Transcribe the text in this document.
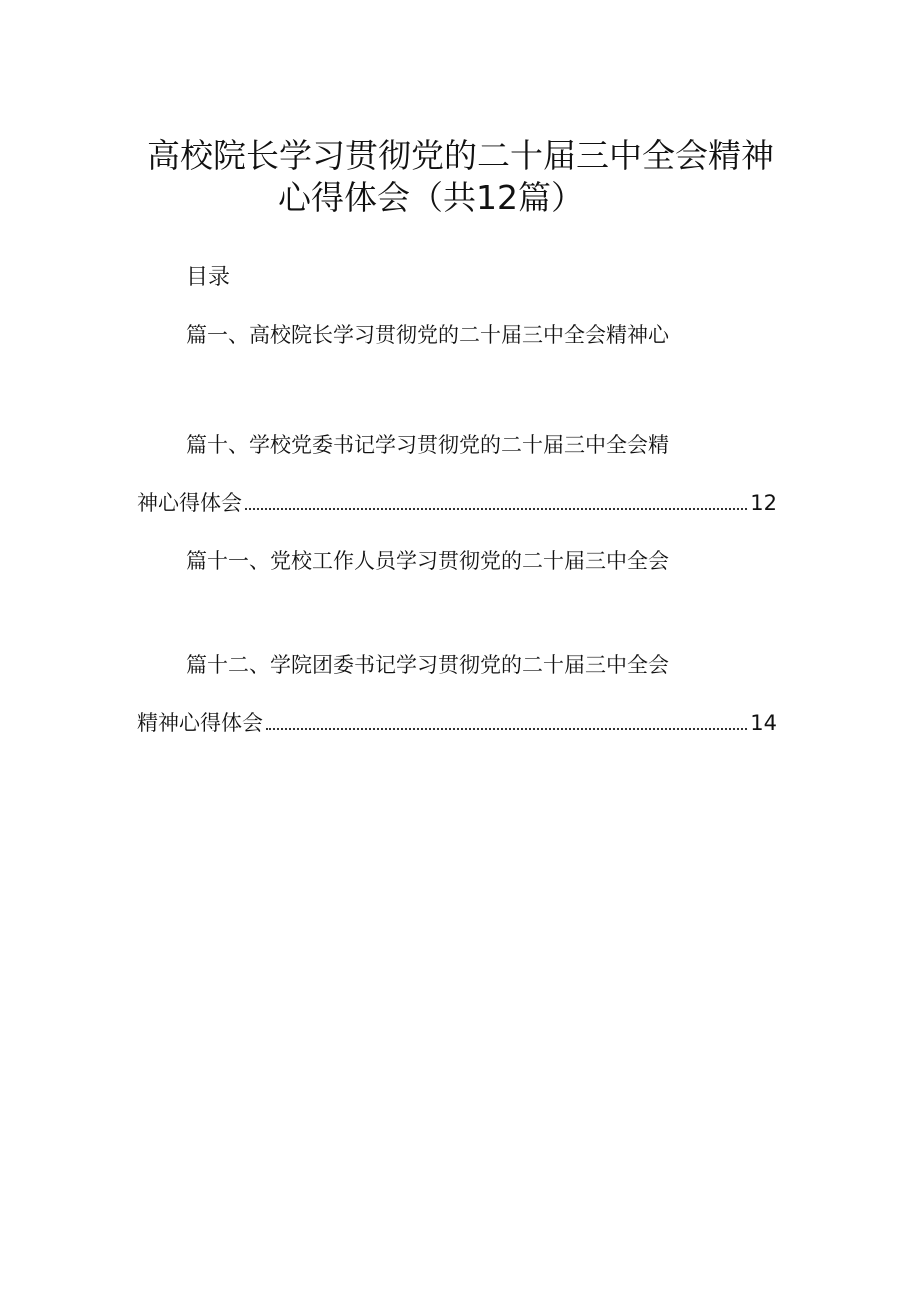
高校院长学习贯彻党的二十届三中全会精神
心得体会（共12篇）
目录
篇一、高校院长学习贯彻党的二十届三中全会精神心
篇十、学校党委书记学习贯彻党的二十届三中全会精
神心得体会	12
篇十一、党校工作人员学习贯彻党的二十届三中全会
篇十二、学院团委书记学习贯彻党的二十届三中全会
精神心得体会	14
